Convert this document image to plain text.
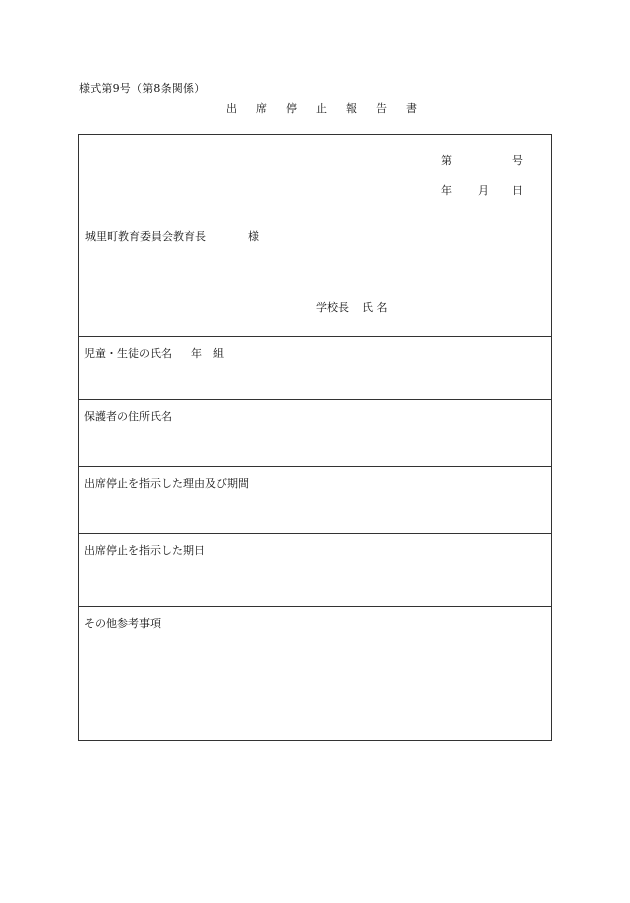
様式第9号（第8条関係）
出 席 停 止 報 告 書
第	号
年 月 日
城里町教育委員会教育長	様
学校長 氏 名
児童・生徒の氏名 年 組
保護者の住所氏名
出席停止を指示した理由及び期間
出席停止を指示した期日
その他参考事項
